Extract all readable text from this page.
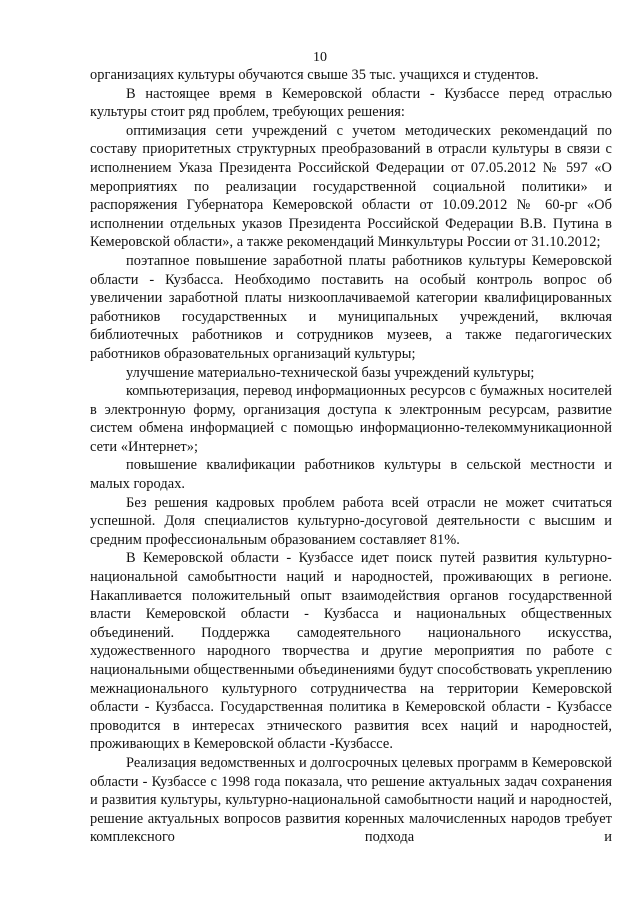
10

организациях культуры обучаются свыше 35 тыс. учащихся и студентов.

В настоящее время в Кемеровской области - Кузбассе перед отраслью культуры стоит ряд проблем, требующих решения:

оптимизация сети учреждений с учетом методических рекомендаций по составу приоритетных структурных преобразований в отрасли культуры в связи с исполнением Указа Президента Российской Федерации от 07.05.2012 № 597 «О мероприятиях по реализации государственной социальной политики» и распоряжения Губернатора Кемеровской области от 10.09.2012 № 60-рг «Об исполнении отдельных указов Президента Российской Федерации В.В. Путина в Кемеровской области», а также рекомендаций Минкультуры России от 31.10.2012;

поэтапное повышение заработной платы работников культуры Кемеровской области - Кузбасса. Необходимо поставить на особый контроль вопрос об увеличении заработной платы низкооплачиваемой категории квалифицированных работников государственных и муниципальных учреждений, включая библиотечных работников и сотрудников музеев, а также педагогических работников образовательных организаций культуры;

улучшение материально-технической базы учреждений культуры;

компьютеризация, перевод информационных ресурсов с бумажных носителей в электронную форму, организация доступа к электронным ресурсам, развитие систем обмена информацией с помощью информационно-телекоммуникационной сети «Интернет»;

повышение квалификации работников культуры в сельской местности и малых городах.

Без решения кадровых проблем работа всей отрасли не может считаться успешной. Доля специалистов культурно-досуговой деятельности с высшим и средним профессиональным образованием составляет 81%.

В Кемеровской области - Кузбассе идет поиск путей развития культурно-национальной самобытности наций и народностей, проживающих в регионе. Накапливается положительный опыт взаимодействия органов государственной власти Кемеровской области - Кузбасса и национальных общественных объединений. Поддержка самодеятельного национального искусства, художественного народного творчества и другие мероприятия по работе с национальными общественными объединениями будут способствовать укреплению межнационального культурного сотрудничества на территории Кемеровской области - Кузбасса. Государственная политика в Кемеровской области - Кузбассе проводится в интересах этнического развития всех наций и народностей, проживающих в Кемеровской области -Кузбассе.

Реализация ведомственных и долгосрочных целевых программ в Кемеровской области - Кузбассе с 1998 года показала, что решение актуальных задач сохранения и развития культуры, культурно-национальной самобытности наций и народностей, решение актуальных вопросов развития коренных малочисленных народов требует комплексного подхода и
